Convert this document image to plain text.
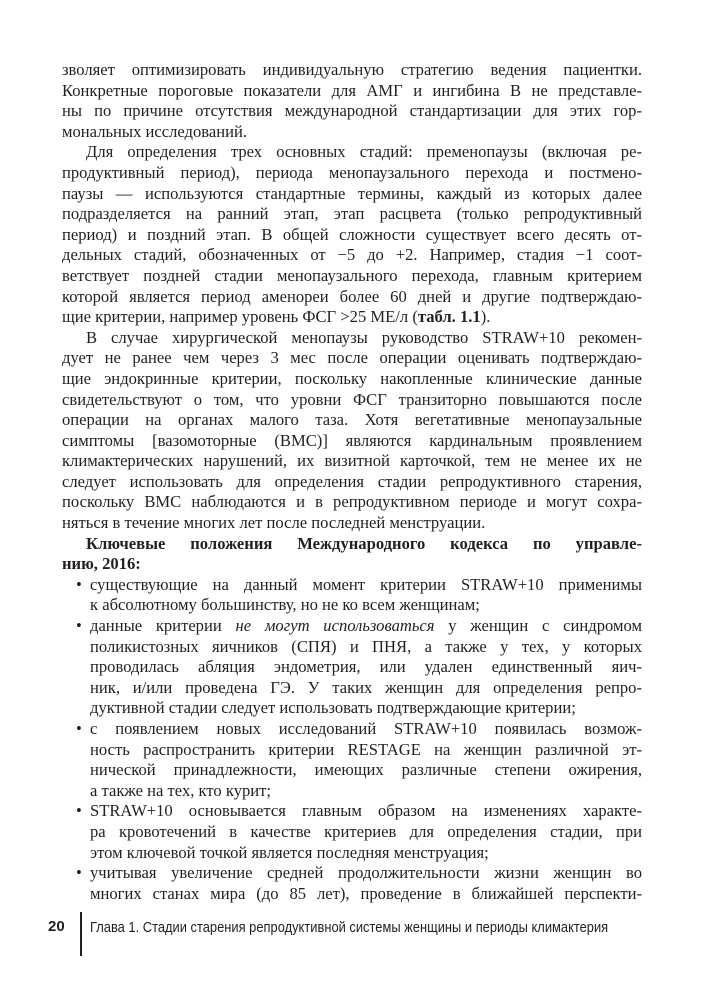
зволяет оптимизировать индивидуальную стратегию ведения пациентки.
Конкретные пороговые показатели для АМГ и ингибина В не представле-
ны по причине отсутствия международной стандартизации для этих гор-
мональных исследований.
Для определения трех основных стадий: пременопаузы (включая ре-
продуктивный период), периода менопаузального перехода и постмено-
паузы — используются стандартные термины, каждый из которых далее
подразделяется на ранний этап, этап расцвета (только репродуктивный
период) и поздний этап. В общей сложности существует всего десять от-
дельных стадий, обозначенных от −5 до +2. Например, стадия −1 соот-
ветствует поздней стадии менопаузального перехода, главным критерием
которой является период аменореи более 60 дней и другие подтверждаю-
щие критерии, например уровень ФСГ >25 МЕ/л (табл. 1.1).
В случае хирургической менопаузы руководство STRAW+10 рекомен-
дует не ранее чем через 3 мес после операции оценивать подтверждаю-
щие эндокринные критерии, поскольку накопленные клинические данные
свидетельствуют о том, что уровни ФСГ транзиторно повышаются после
операции на органах малого таза. Хотя вегетативные менопаузальные
симптомы [вазомоторные (ВМС)] являются кардинальным проявлением
климактерических нарушений, их визитной карточкой, тем не менее их не
следует использовать для определения стадии репродуктивного старения,
поскольку ВМС наблюдаются и в репродуктивном периоде и могут сохра-
няться в течение многих лет после последней менструации.
Ключевые положения Международного кодекса по управле-
нию, 2016:
• существующие на данный момент критерии STRAW+10 применимы
к абсолютному большинству, но не ко всем женщинам;
• данные критерии не могут использоваться у женщин с синдромом
поликистозных яичников (СПЯ) и ПНЯ, а также у тех, у которых
проводилась абляция эндометрия, или удален единственный яич-
ник, и/или проведена ГЭ. У таких женщин для определения репро-
дуктивной стадии следует использовать подтверждающие критерии;
• с появлением новых исследований STRAW+10 появилась возмож-
ность распространить критерии RESTAGE на женщин различной эт-
нической принадлежности, имеющих различные степени ожирения,
а также на тех, кто курит;
• STRAW+10 основывается главным образом на изменениях характе-
ра кровотечений в качестве критериев для определения стадии, при
этом ключевой точкой является последняя менструация;
• учитывая увеличение средней продолжительности жизни женщин во
многих станах мира (до 85 лет), проведение в ближайшей перспекти-
20 Глава 1. Стадии старения репродуктивной системы женщины и периоды климактерия
